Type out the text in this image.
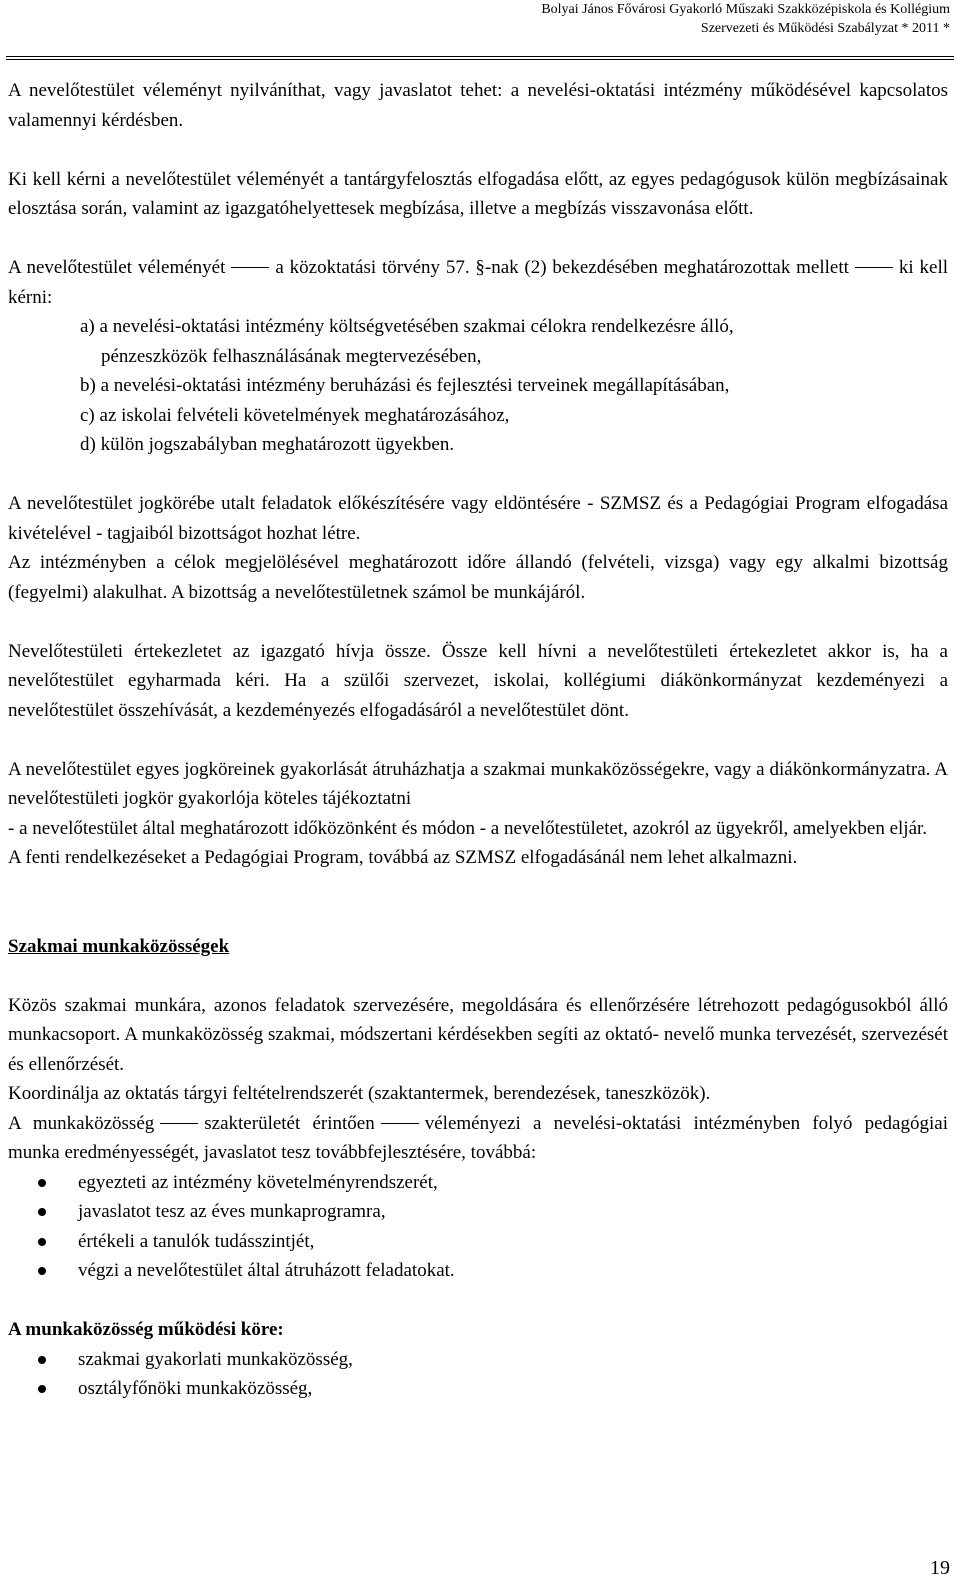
Bolyai János Fővárosi Gyakorló Műszaki Szakközépiskola és Kollégium
Szervezeti és Működési Szabályzat * 2011 *

A nevelőtestület véleményt nyilváníthat, vagy javaslatot tehet: a nevelési-oktatási intézmény működésével kapcsolatos valamennyi kérdésben.

Ki kell kérni a nevelőtestület véleményét a tantárgyfelosztás elfogadása előtt, az egyes pedagógusok külön megbízásainak elosztása során, valamint az igazgatóhelyettesek megbízása, illetve a megbízás visszavonása előtt.

A nevelőtestület véleményét	a közoktatási törvény 57. §-nak (2) bekezdésében meghatározottak mellett	ki kell kérni:

a) a nevelési-oktatási intézmény költségvetésében szakmai célokra rendelkezésre álló,
pénzeszközök felhasználásának megtervezésében,
b) a nevelési-oktatási intézmény beruházási és fejlesztési terveinek megállapításában,
c) az iskolai felvételi követelmények meghatározásához,
d) külön jogszabályban meghatározott ügyekben.

A nevelőtestület jogkörébe utalt feladatok előkészítésére vagy eldöntésére - SZMSZ és a Pedagógiai Program elfogadása kivételével - tagjaiból bizottságot hozhat létre.

Az intézményben a célok megjelölésével meghatározott időre állandó (felvételi, vizsga) vagy egy alkalmi bizottság (fegyelmi) alakulhat. A bizottság a nevelőtestületnek számol be munkájáról.

Nevelőtestületi értekezletet az igazgató hívja össze. Össze kell hívni a nevelőtestületi értekezletet akkor is, ha a nevelőtestület egyharmada kéri. Ha a szülői szervezet, iskolai, kollégiumi diákönkormányzat kezdeményezi a nevelőtestület összehívását, a kezdeményezés elfogadásáról a nevelőtestület dönt.

A nevelőtestület egyes jogköreinek gyakorlását átruházhatja a szakmai munkaközösségekre, vagy a diákönkormányzatra. A nevelőtestületi jogkör gyakorlója köteles tájékoztatni

- a nevelőtestület által meghatározott időközönként és módon - a nevelőtestületet, azokról az ügyekről, amelyekben eljár.

A fenti rendelkezéseket a Pedagógiai Program, továbbá az SZMSZ elfogadásánál nem lehet alkalmazni.

Szakmai munkaközösségek

Közös szakmai munkára, azonos feladatok szervezésére, megoldására és ellenőrzésére létrehozott pedagógusokból álló munkacsoport. A munkaközösség szakmai, módszertani kérdésekben segíti az oktató- nevelő munka tervezését, szervezését és ellenőrzését.

Koordinálja az oktatás tárgyi feltételrendszerét (szaktantermek, berendezések, taneszközök).

A munkaközösség	szakterületét érintően	véleményezi a nevelési-oktatási intézményben folyó pedagógiai munka eredményességét, javaslatot tesz továbbfejlesztésére, továbbá:

egyezteti az intézmény követelményrendszerét,
javaslatot tesz az éves munkaprogramra,
értékeli a tanulók tudásszintjét,
végzi a nevelőtestület által átruházott feladatokat.

A munkaközösség működési köre:

szakmai gyakorlati munkaközösség,
osztályfőnöki munkaközösség,
19
